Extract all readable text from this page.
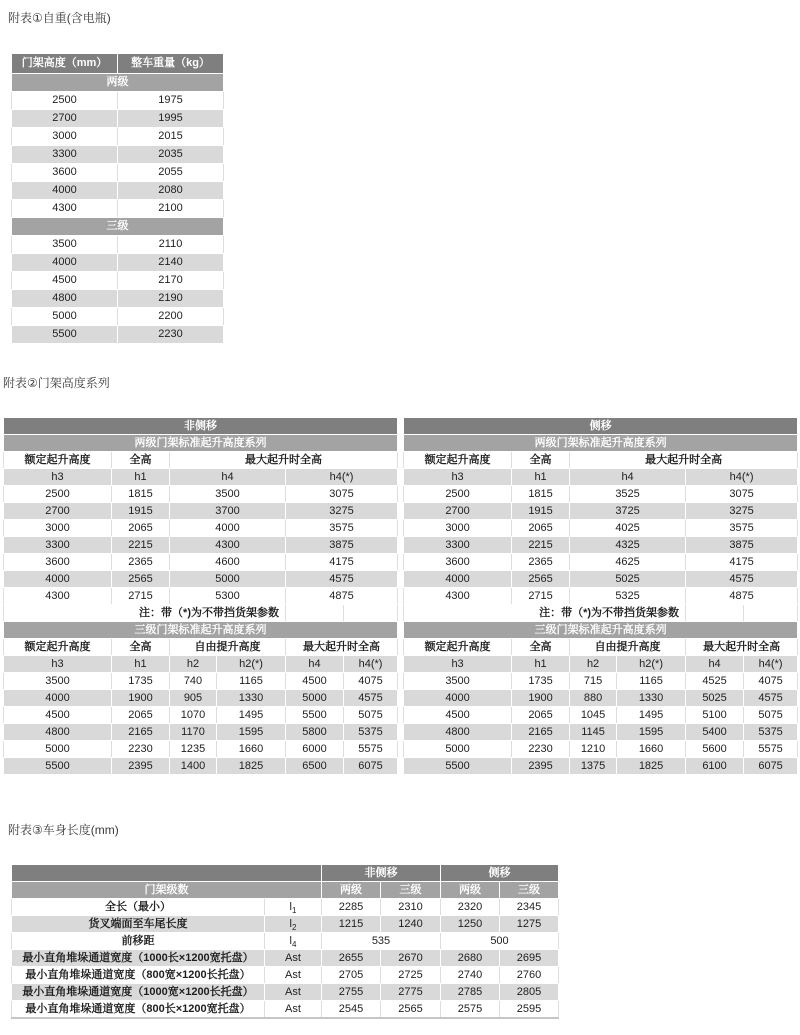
附表①自重(含电瓶)
门架高度（mm）	整车重量（kg）
两级	
2500	1975
2700	1995
3000	2015
3300	2035
3600	2055
4000	2080
4300	2100
三级	
3500	2110
4000	2140
4500	2170
4800	2190
5000	2200
5500	2230
附表②门架高度系列
非侧移					
两级门架标准起升高度系列					
额定起升高度	全高	最大起升时全高			
h3	h1	h4		h4(*)	
2500	1815	3500		3075	
2700	1915	3700		3275	
3000	2065	4000		3575	
3300	2215	4300		3875	
3600	2365	4600		4175	
4000	2565	5000		4575	
4300	2715	5300		4875	
注：带（*)为不带挡货架参数					
三级门架标准起升高度系列					
额定起升高度	全高	自由提升高度		最大起升时全高	
h3	h1	h2	h2(*)	h4	h4(*)
3500	1735	740	1165	4500	4075
4000	1900	905	1330	5000	4575
4500	2065	1070	1495	5500	5075
4800	2165	1170	1595	5800	5375
5000	2230	1235	1660	6000	5575
5500	2395	1400	1825	6500	6075
侧移					
两级门架标准起升高度系列					
额定起升高度	全高	最大起升时全高			
h3	h1	h4		h4(*)	
2500	1815	3525		3075	
2700	1915	3725		3275	
3000	2065	4025		3575	
3300	2215	4325		3875	
3600	2365	4625		4175	
4000	2565	5025		4575	
4300	2715	5325		4875	
注：带（*)为不带挡货架参数					
三级门架标准起升高度系列					
额定起升高度	全高	自由提升高度		最大起升时全高	
h3	h1	h2	h2(*)	h4	h4(*)
3500	1735	715	1165	4525	4075
4000	1900	880	1330	5025	4575
4500	2065	1045	1495	5100	5075
4800	2165	1145	1595	5400	5375
5000	2230	1210	1660	5600	5575
5500	2395	1375	1825	6100	6075
附表③车身长度(mm)
		非侧移		侧移	
门架级数		两级	三级	两级	三级
全长（最小）	$l_1$	2285	2310	2320	2345
货叉端面至车尾长度	$l_2$	1215	1240	1250	1275
前移距	$l_4$	535		500	
最小直角堆垛通道宽度（1000长×1200宽托盘）	Ast	2655	2670	2680	2695
最小直角堆垛通道宽度（800宽×1200长托盘）	Ast	2705	2725	2740	2760
最小直角堆垛通道宽度（1000宽×1200长托盘）	Ast	2755	2775	2785	2805
最小直角堆垛通道宽度（800长×1200宽托盘）	Ast	2545	2565	2575	2595
